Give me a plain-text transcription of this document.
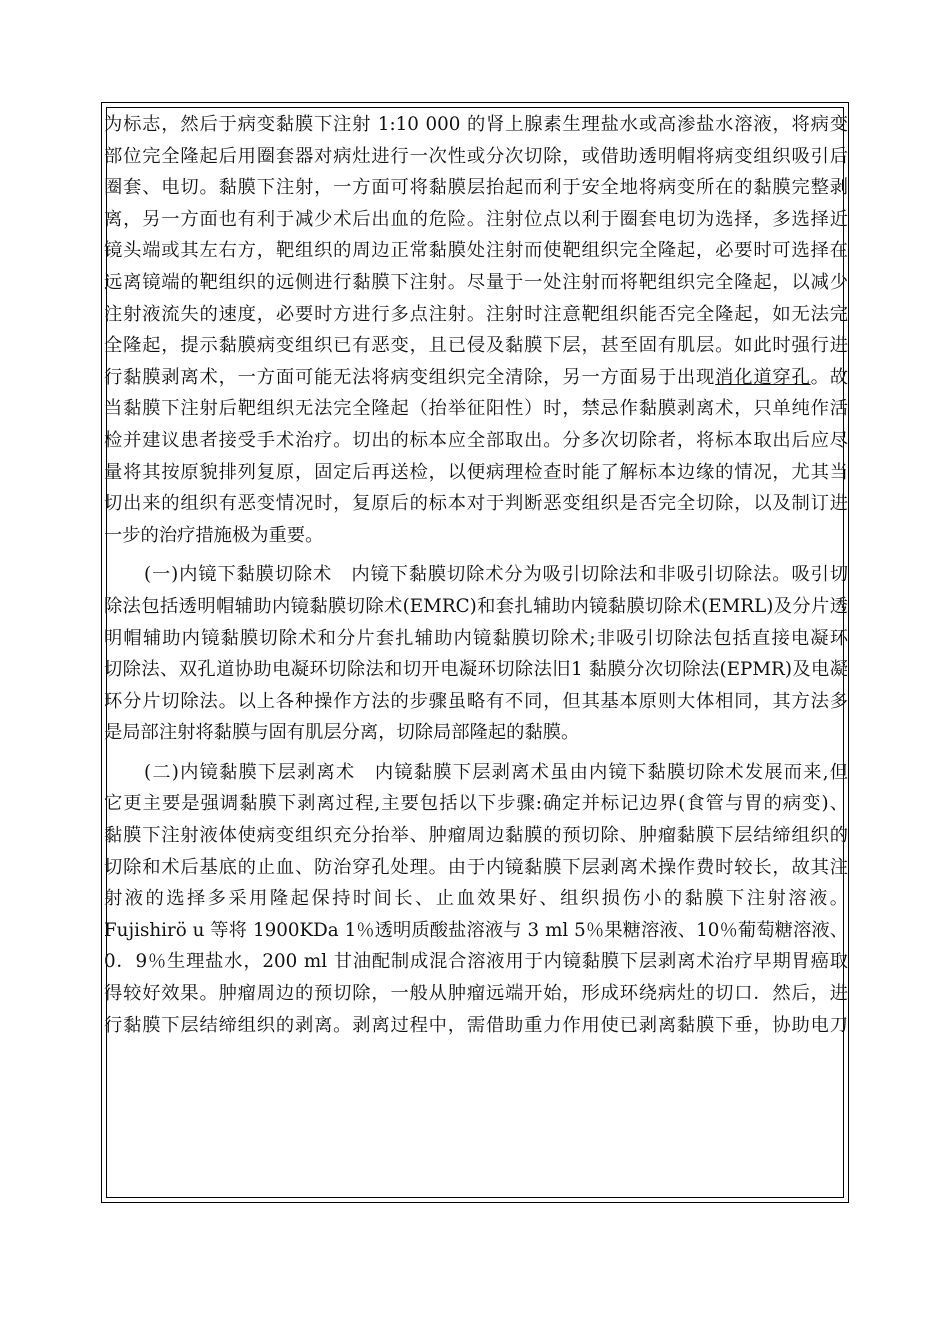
为标志，然后于病变黏膜下注射 1:10 000 的肾上腺素生理盐水或高渗盐水溶液，将病变
部位完全隆起后用圈套器对病灶进行一次性或分次切除，或借助透明帽将病变组织吸引后
圈套、电切。黏膜下注射，一方面可将黏膜层抬起而利于安全地将病变所在的黏膜完整剥
离，另一方面也有利于减少术后出血的危险。注射位点以利于圈套电切为选择，多选择近
镜头端或其左右方，靶组织的周边正常黏膜处注射而使靶组织完全隆起，必要时可选择在
远离镜端的靶组织的远侧进行黏膜下注射。尽量于一处注射而将靶组织完全隆起，以减少
注射液流失的速度，必要时方进行多点注射。注射时注意靶组织能否完全隆起，如无法完
全隆起，提示黏膜病变组织已有恶变，且已侵及黏膜下层，甚至固有肌层。如此时强行进
行黏膜剥离术，一方面可能无法将病变组织完全清除，另一方面易于出现消化道穿孔。故
当黏膜下注射后靶组织无法完全隆起（抬举征阳性）时，禁忌作黏膜剥离术，只单纯作活
检并建议患者接受手术治疗。切出的标本应全部取出。分多次切除者，将标本取出后应尽
量将其按原貌排列复原，固定后再送检，以便病理检查时能了解标本边缘的情况，尤其当
切出来的组织有恶变情况时，复原后的标本对于判断恶变组织是否完全切除，以及制订进
一步的治疗措施极为重要。
(一)内镜下黏膜切除术　内镜下黏膜切除术分为吸引切除法和非吸引切除法。吸引切
除法包括透明帽辅助内镜黏膜切除术(EMRC)和套扎辅助内镜黏膜切除术(EMRL)及分片透
明帽辅助内镜黏膜切除术和分片套扎辅助内镜黏膜切除术;非吸引切除法包括直接电凝环
切除法、双孔道协助电凝环切除法和切开电凝环切除法旧1 黏膜分次切除法(EPMR)及电凝
环分片切除法。以上各种操作方法的步骤虽略有不同，但其基本原则大体相同，其方法多
是局部注射将黏膜与固有肌层分离，切除局部隆起的黏膜。
(二)内镜黏膜下层剥离术　内镜黏膜下层剥离术虽由内镜下黏膜切除术发展而来,但
它更主要是强调黏膜下剥离过程,主要包括以下步骤:确定并标记边界(食管与胃的病变)、
黏膜下注射液体使病变组织充分抬举、肿瘤周边黏膜的预切除、肿瘤黏膜下层结缔组织的
切除和术后基底的止血、防治穿孔处理。由于内镜黏膜下层剥离术操作费时较长，故其注
射液的选择多采用隆起保持时间长、止血效果好、组织损伤小的黏膜下注射溶液。
Fujishirö u 等将 1900KDa 1％透明质酸盐溶液与 3 ml 5％果糖溶液、10％葡萄糖溶液、
0．9％生理盐水，200 ml 甘油配制成混合溶液用于内镜黏膜下层剥离术治疗早期胃癌取
得较好效果。肿瘤周边的预切除，一般从肿瘤远端开始，形成环绕病灶的切口．然后，进
行黏膜下层结缔组织的剥离。剥离过程中，需借助重力作用使已剥离黏膜下垂，协助电刀
